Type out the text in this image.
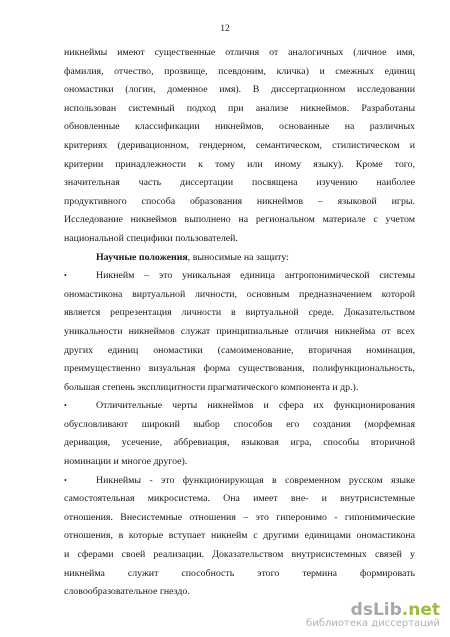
12
никнеймы имеют существенные отличия от аналогичных (личное имя,
фамилия, отчество, прозвище, псевдоним, кличка) и смежных единиц
ономастики (логин, доменное имя). В диссертационном исследовании
использован системный подход при анализе никнеймов. Разработаны
обновленные классификации никнеймов, основанные на различных
критериях (деривационном, гендерном, семантическом, стилистическом и
критерии принадлежности к тому или иному языку). Кроме того,
значительная часть диссертации посвящена изучению наиболее
продуктивного способа образования никнеймов – языковой игры.
Исследование никнеймов выполнено на региональном материале с учетом
национальной специфики пользователей.
Научные положения, выносимые на защиту:
•	Никнейм – это уникальная единица антропонимической системы
ономастикона виртуальной личности, основным предназначением которой
является репрезентация личности в виртуальной среде. Доказательством
уникальности никнеймов служат принципиальные отличия никнейма от всех
других единиц ономастики (самоименование, вторичная номинация,
преимущественно визуальная форма существования, полифункциональность,
большая степень эксплицитности прагматического компонента и др.).
•	Отличительные черты никнеймов и сфера их функционирования
обусловливают широкий выбор способов его создания (морфемная
деривация, усечение, аббревиация, языковая игра, способы вторичной
номинации и многое другое).
•	Никнеймы - это функционирующая в современном русском языке
самостоятельная микросистема. Она имеет вне- и внутрисистемные
отношения. Внесистемные отношения – это гиперонимо - гипонимические
отношения, в которые вступает никнейм с другими единицами ономастикона
и сферами своей реализации. Доказательством внутрисистемных связей у
никнейма служит способность этого термина формировать
словообразовательное гнездо.
dsLib.net
библиотека диссертаций
